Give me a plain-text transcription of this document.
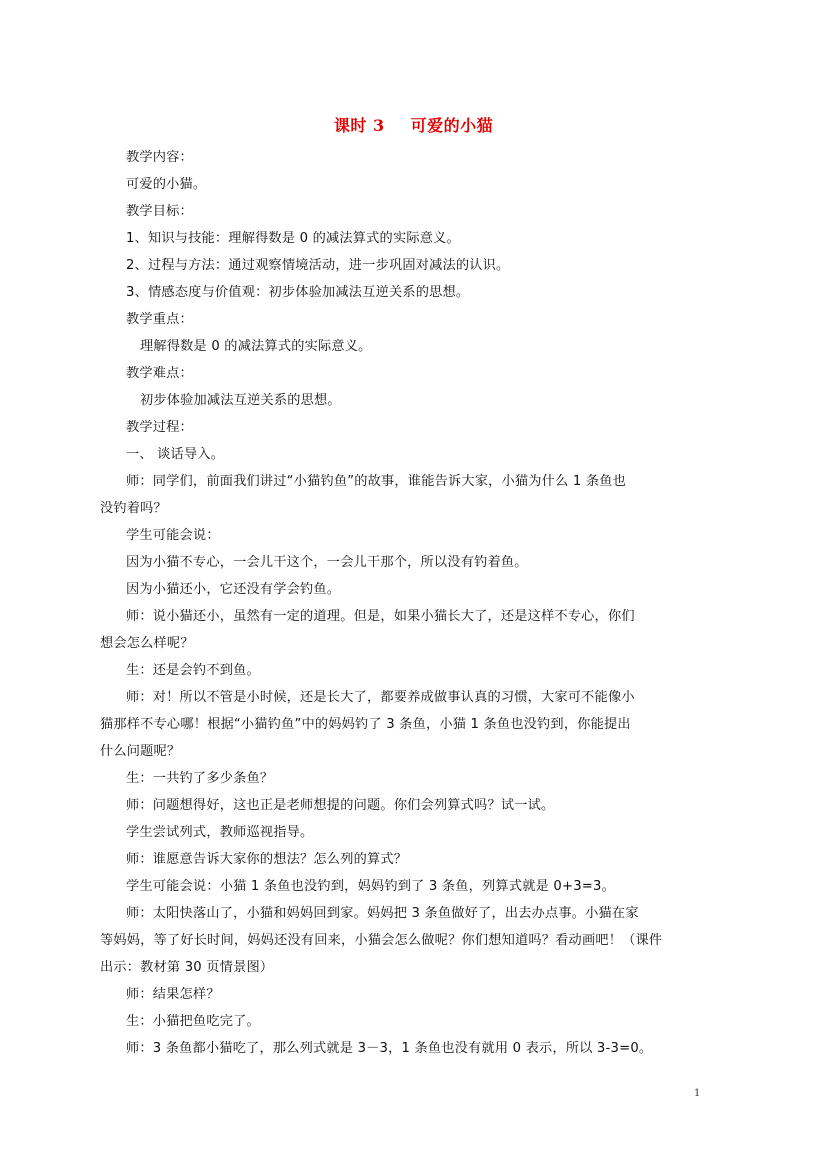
课时 3 可爱的小猫
教学内容：
可爱的小猫。
教学目标：
1、知识与技能：理解得数是 0 的减法算式的实际意义。
2、过程与方法：通过观察情境活动，进一步巩固对减法的认识。
3、情感态度与价值观：初步体验加减法互逆关系的思想。
教学重点：
理解得数是 0 的减法算式的实际意义。
教学难点：
初步体验加减法互逆关系的思想。
教学过程：
一、 谈话导入。
师：同学们，前面我们讲过“小猫钓鱼”的故事，谁能告诉大家，小猫为什么 1 条鱼也
没钓着吗？
学生可能会说：
因为小猫不专心，一会儿干这个，一会儿干那个，所以没有钓着鱼。
因为小猫还小，它还没有学会钓鱼。
师：说小猫还小，虽然有一定的道理。但是，如果小猫长大了，还是这样不专心，你们
想会怎么样呢？
生：还是会钓不到鱼。
师：对！所以不管是小时候，还是长大了，都要养成做事认真的习惯，大家可不能像小
猫那样不专心哪！根据“小猫钓鱼”中的妈妈钓了 3 条鱼，小猫 1 条鱼也没钓到，你能提出
什么问题呢？
生：一共钓了多少条鱼？
师：问题想得好，这也正是老师想提的问题。你们会列算式吗？试一试。
学生尝试列式，教师巡视指导。
师：谁愿意告诉大家你的想法？怎么列的算式？
学生可能会说：小猫 1 条鱼也没钓到，妈妈钓到了 3 条鱼，列算式就是 0+3=3。
师：太阳快落山了，小猫和妈妈回到家。妈妈把 3 条鱼做好了，出去办点事。小猫在家
等妈妈，等了好长时间，妈妈还没有回来，小猫会怎么做呢？你们想知道吗？看动画吧！（课件
出示：教材第 30 页情景图）
师：结果怎样？
生：小猫把鱼吃完了。
师：3 条鱼都小猫吃了，那么列式就是 3－3，1 条鱼也没有就用 0 表示，所以 3-3=0。
1
